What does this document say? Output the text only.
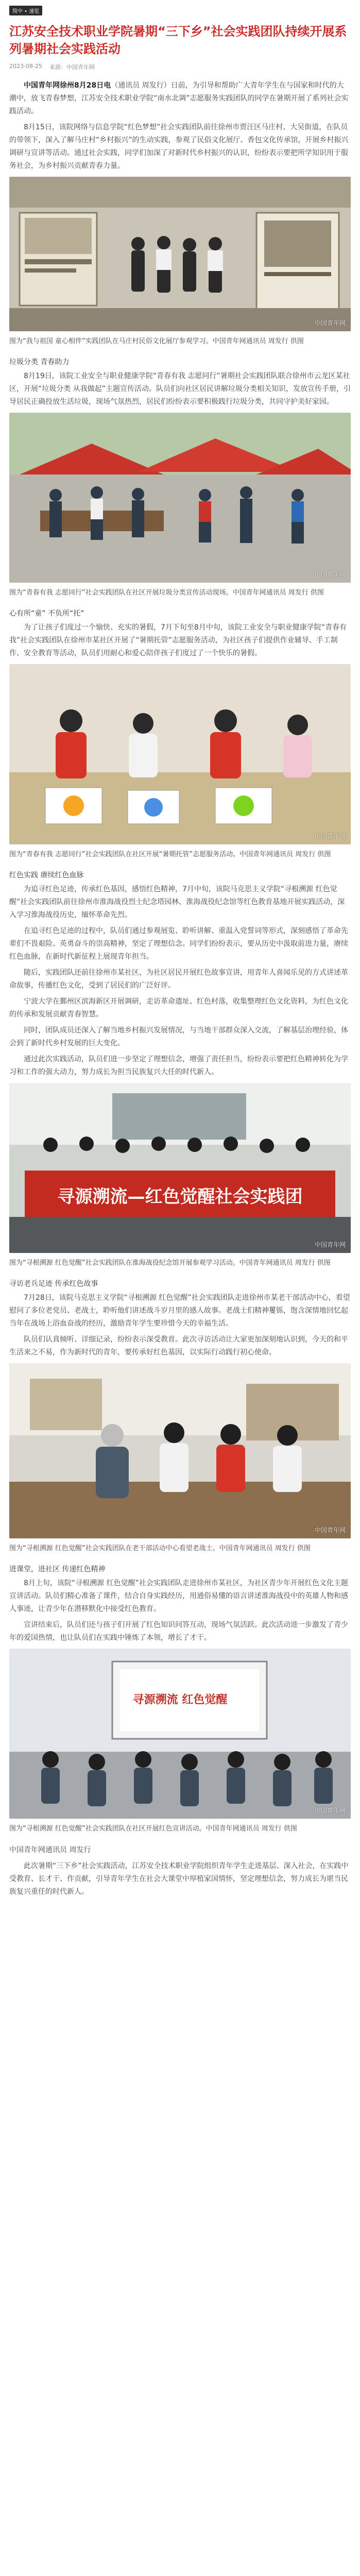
简中 • 速览
江苏安全技术职业学院暑期“三下乡”社会实践团队持续开展系列暑期社会实践活动
2023-08-25 来源：中国青年网

中国青年网徐州8月28日电（通讯员 周发行）日前，为引导和帮助广大青年学生在与国家和时代的大潮中，放飞青春梦想，江苏安全技术职业学院“南水北调”志愿服务实践团队的同学在暑期开展了系列社会实践活动。

8月15日，该院网络与信息学院“红色梦想”社会实践团队前往徐州市贾汪区马庄村、大吴街道，在队员的带领下，深入了解马庄村“乡村振兴”的生动实践，参观了民俗文化展厅、香包文化传承馆，开展乡村振兴调研与宣讲等活动。通过社会实践，同学们加深了对新时代乡村振兴的认识，纷纷表示要把所学知识用于服务社会，为乡村振兴贡献青春力量。

中国青年网

图为“我与祖国 童心相伴”实践团队在马庄村民俗文化展厅参观学习。中国青年网通讯员 周发行 供图

垃圾分类 青春助力

8月19日，该院工业安全与职业健康学院“青春有我 志愿同行”暑期社会实践团队联合徐州市云龙区某社区，开展“垃圾分类 从我做起”主题宣传活动。队员们向社区居民讲解垃圾分类相关知识，发放宣传手册，引导居民正确投放生活垃圾，现场气氛热烈，居民们纷纷表示要积极践行垃圾分类，共同守护美好家园。

中国青年网

图为“青春有我 志愿同行”社会实践团队在社区开展垃圾分类宣传活动现场。中国青年网通讯员 周发行 供图

心有所“童” 不负所“托”

为了让孩子们度过一个愉快、充实的暑假，7月下旬至8月中旬，该院工业安全与职业健康学院“青春有我”社会实践团队在徐州市某社区开展了“暑期托管”志愿服务活动，为社区孩子们提供作业辅导、手工制作、安全教育等活动，队员们用耐心和爱心陪伴孩子们度过了一个快乐的暑假。

中国青年网

图为“青春有我 志愿同行”社会实践团队在社区开展“暑期托管”志愿服务活动。中国青年网通讯员 周发行 供图

红色实践 赓续红色血脉

为追寻红色足迹，传承红色基因，感悟红色精神，7月中旬，该院马克思主义学院“寻根溯源 红色觉醒”社会实践团队前往徐州市淮海战役烈士纪念塔园林、淮海战役纪念馆等红色教育基地开展实践活动，深入学习淮海战役历史，缅怀革命先烈。

在追寻红色足迹的过程中，队员们通过参观展览、聆听讲解、重温入党誓词等形式，深刻感悟了革命先辈们不畏艰险、英勇奋斗的崇高精神，坚定了理想信念。同学们纷纷表示，要从历史中汲取前进力量，赓续红色血脉，在新时代新征程上展现青年担当。

随后，实践团队还前往徐州市某社区，为社区居民开展红色故事宣讲，用青年人喜闻乐见的方式讲述革命故事，传播红色文化，受到了居民们的广泛好评。

宁波大学在鄞州区滨海新区开展调研，走访革命遗址、红色村落，收集整理红色文化资料，为红色文化的传承和发展贡献青春智慧。

同时，团队成员还深入了解当地乡村振兴发展情况，与当地干部群众深入交流，了解基层治理经验，体会到了新时代乡村发展的巨大变化。

通过此次实践活动，队员们进一步坚定了理想信念，增强了责任担当，纷纷表示要把红色精神转化为学习和工作的强大动力，努力成长为担当民族复兴大任的时代新人。

寻源溯流—红色觉醒社会实践团
中国青年网

图为“寻根溯源 红色觉醒”社会实践团队在淮海战役纪念馆开展参观学习活动。中国青年网通讯员 周发行 供图

寻访老兵足迹 传承红色故事

7月28日，该院马克思主义学院“寻根溯源 红色觉醒”社会实践团队走进徐州市某老干部活动中心，看望慰问了多位老党员、老战士，聆听他们讲述战斗岁月里的感人故事。老战士们精神矍铄，饱含深情地回忆起当年在战场上浴血奋战的经历，激励青年学生要珍惜今天的幸福生活。

队员们认真倾听、详细记录，纷纷表示深受教育。此次寻访活动让大家更加深刻地认识到，今天的和平生活来之不易，作为新时代的青年，要传承好红色基因，以实际行动践行初心使命。

中国青年网

图为“寻根溯源 红色觉醒”社会实践团队在老干部活动中心看望老战士。中国青年网通讯员 周发行 供图

进课堂，进社区 传递红色精神

8月上旬，该院“寻根溯源 红色觉醒”社会实践团队走进徐州市某社区，为社区青少年开展红色文化主题宣讲活动。队员们精心准备了课件，结合自身实践经历，用通俗易懂的语言讲述淮海战役中的英雄人物和感人事迹，让青少年在潜移默化中接受红色教育。

宣讲结束后，队员们还与孩子们开展了红色知识问答互动，现场气氛活跃。此次活动进一步激发了青少年的爱国热情，也让队员们在实践中锤炼了本领，增长了才干。

寻源溯流 红色觉醒
中国青年网

图为“寻根溯源 红色觉醒”社会实践团队在社区开展红色宣讲活动。中国青年网通讯员 周发行 供图

中国青年网通讯员 周发行

此次暑期“三下乡”社会实践活动，江苏安全技术职业学院组织青年学生走进基层、深入社会，在实践中受教育、长才干、作贡献，引导青年学生在社会大课堂中厚植家国情怀，坚定理想信念，努力成长为堪当民族复兴重任的时代新人。
